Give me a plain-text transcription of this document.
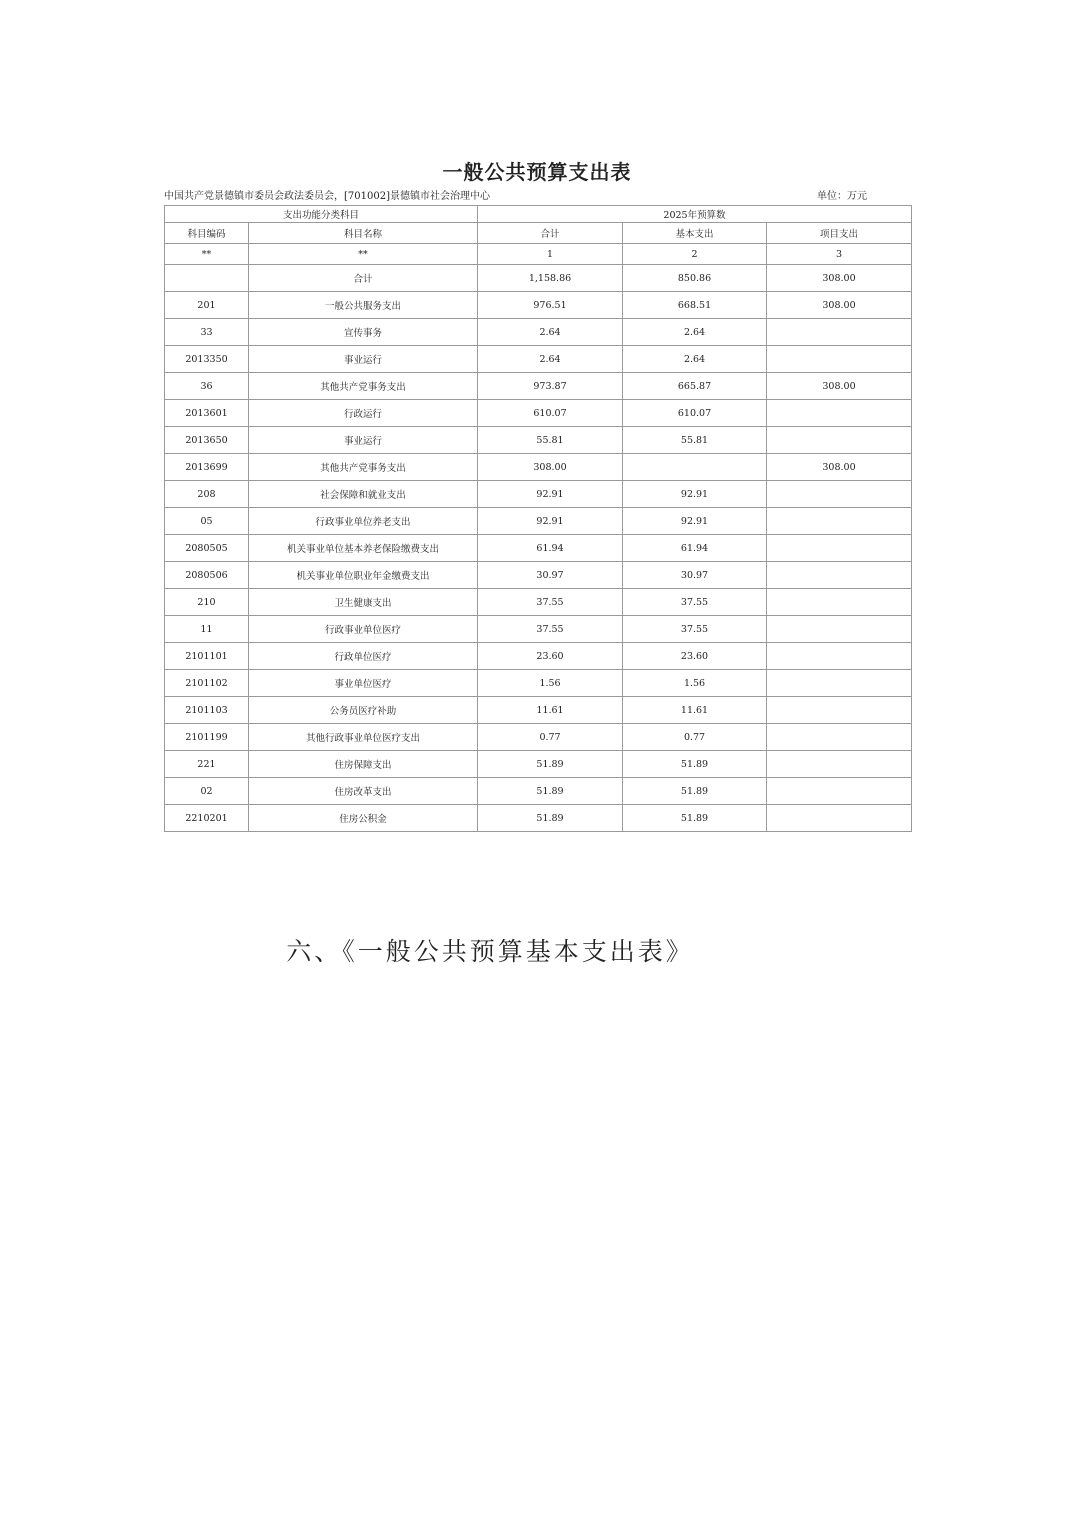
一般公共预算支出表
中国共产党景德镇市委员会政法委员会，[701002]景德镇市社会治理中心	单位：万元
支出功能分类科目		2025年预算数		
科目编码	科目名称	合计	基本支出	项目支出
**	**	1	2	3
	合计	1,158.86	850.86	308.00
201	一般公共服务支出	976.51	668.51	308.00
33	宣传事务	2.64	2.64	
2013350	事业运行	2.64	2.64	
36	其他共产党事务支出	973.87	665.87	308.00
2013601	行政运行	610.07	610.07	
2013650	事业运行	55.81	55.81	
2013699	其他共产党事务支出	308.00		308.00
208	社会保障和就业支出	92.91	92.91	
05	行政事业单位养老支出	92.91	92.91	
2080505	机关事业单位基本养老保险缴费支出	61.94	61.94	
2080506	机关事业单位职业年金缴费支出	30.97	30.97	
210	卫生健康支出	37.55	37.55	
11	行政事业单位医疗	37.55	37.55	
2101101	行政单位医疗	23.60	23.60	
2101102	事业单位医疗	1.56	1.56	
2101103	公务员医疗补助	11.61	11.61	
2101199	其他行政事业单位医疗支出	0.77	0.77	
221	住房保障支出	51.89	51.89	
02	住房改革支出	51.89	51.89	
2210201	住房公积金	51.89	51.89	
六、《一般公共预算基本支出表》
